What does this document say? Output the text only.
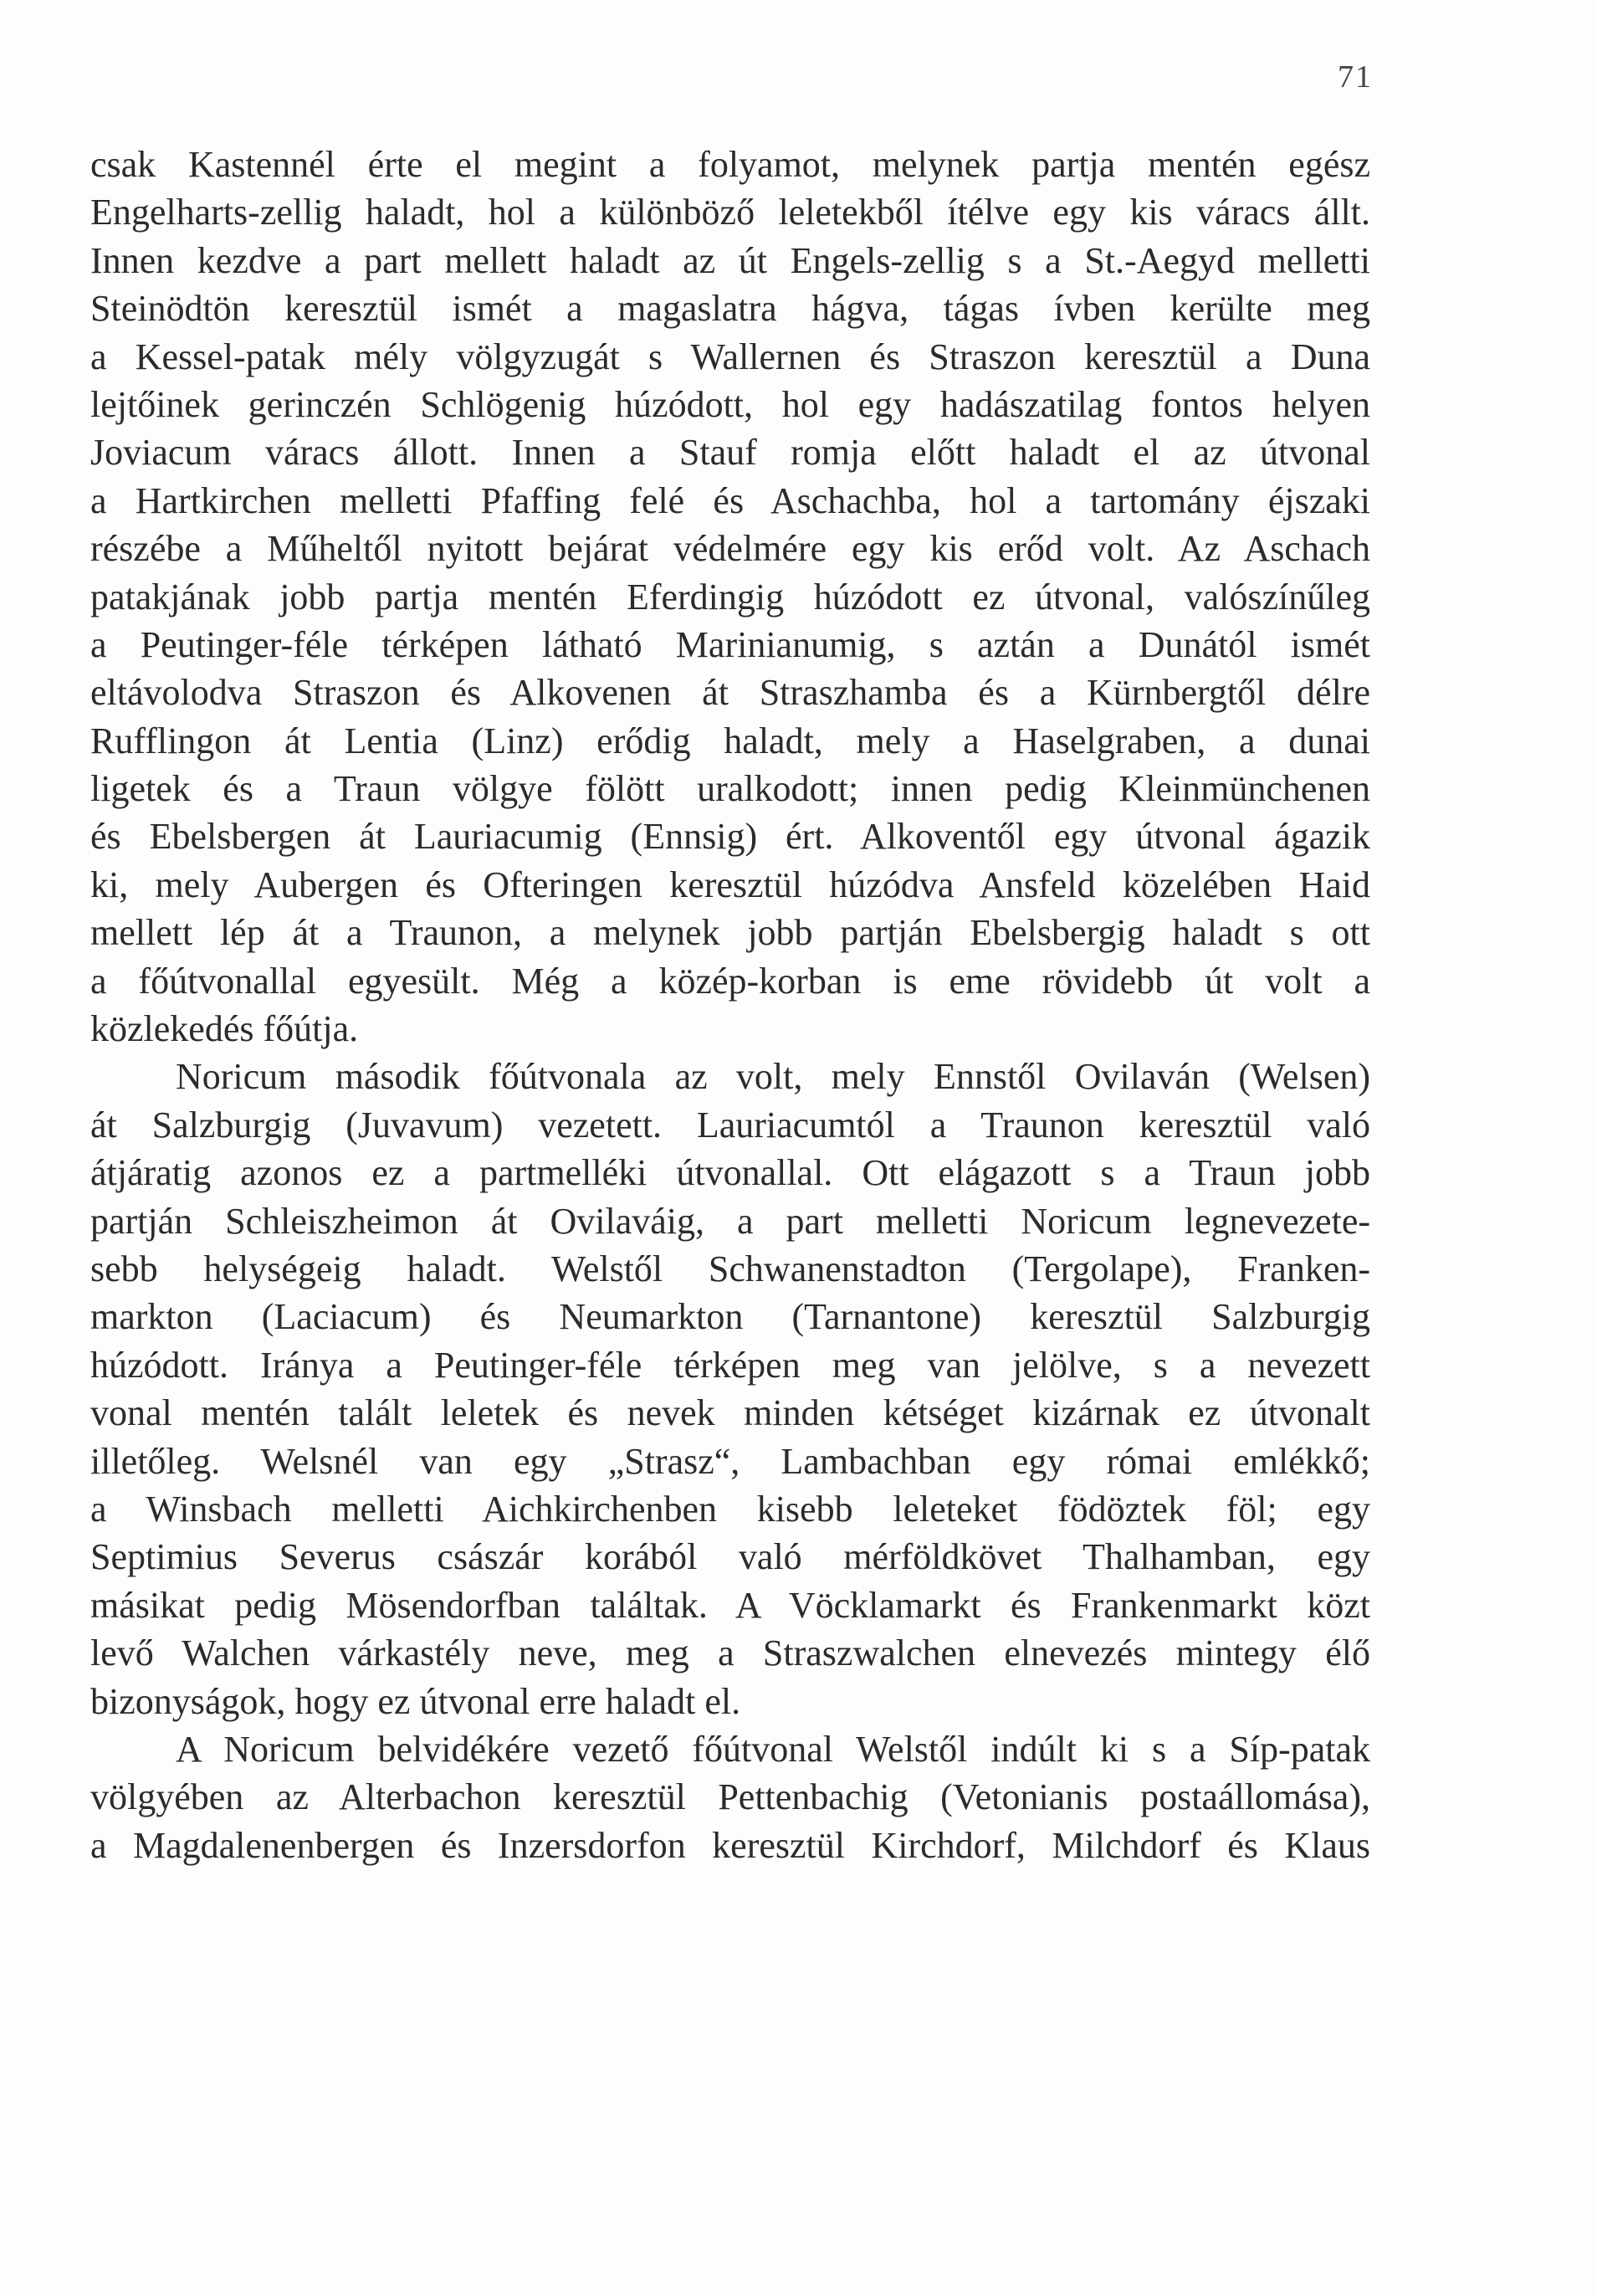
71

csak Kastennél érte el megint a folyamot, melynek partja mentén egész
Engelharts-zellig haladt, hol a különböző leletekből ítélve egy kis váracs állt.
Innen kezdve a part mellett haladt az út Engels-zellig s a St.-Aegyd melletti
Steinödtön keresztül ismét a magaslatra hágva, tágas ívben kerülte meg
a Kessel-patak mély völgyzugát s Wallernen és Straszon keresztül a Duna
lejtőinek gerinczén Schlögenig húzódott, hol egy hadászatilag fontos helyen
Joviacum váracs állott. Innen a Stauf romja előtt haladt el az útvonal
a Hartkirchen melletti Pfaffing felé és Aschachba, hol a tartomány éjszaki
részébe a Műheltől nyitott bejárat védelmére egy kis erőd volt. Az Aschach
patakjának jobb partja mentén Eferdingig húzódott ez útvonal, valószínűleg
a Peutinger-féle térképen látható Marinianumig, s aztán a Dunától ismét
eltávolodva Straszon és Alkovenen át Straszhamba és a Kürnbergtől délre
Rufflingon át Lentia (Linz) erődig haladt, mely a Haselgraben, a dunai
ligetek és a Traun völgye fölött uralkodott; innen pedig Kleinmünchenen
és Ebelsbergen át Lauriacumig (Ennsig) ért. Alkoventől egy útvonal ágazik
ki, mely Aubergen és Ofteringen keresztül húzódva Ansfeld közelében Haid
mellett lép át a Traunon, a melynek jobb partján Ebelsbergig haladt s ott
a főútvonallal egyesült. Még a közép-korban is eme rövidebb út volt a
közlekedés főútja.

Noricum második főútvonala az volt, mely Ennstől Ovilaván (Welsen)
át Salzburgig (Juvavum) vezetett. Lauriacumtól a Traunon keresztül való
átjáratig azonos ez a partmelléki útvonallal. Ott elágazott s a Traun jobb
partján Schleiszheimon át Ovilaváig, a part melletti Noricum legnevezete-
sebb helységeig haladt. Welstől Schwanenstadton (Tergolape), Franken-
markton (Laciacum) és Neumarkton (Tarnantone) keresztül Salzburgig
húzódott. Iránya a Peutinger-féle térképen meg van jelölve, s a nevezett
vonal mentén talált leletek és nevek minden kétséget kizárnak ez útvonalt
illetőleg. Welsnél van egy „Strasz“, Lambachban egy római emlékkő;
a Winsbach melletti Aichkirchenben kisebb leleteket födöztek föl; egy
Septimius Severus császár korából való mérföldkövet Thalhamban, egy
másikat pedig Mösendorfban találtak. A Vöcklamarkt és Frankenmarkt közt
levő Walchen várkastély neve, meg a Straszwalchen elnevezés mintegy élő
bizonyságok, hogy ez útvonal erre haladt el.

A Noricum belvidékére vezető főútvonal Welstől indúlt ki s a Síp-patak
völgyében az Alterbachon keresztül Pettenbachig (Vetonianis postaállomása),
a Magdalenenbergen és Inzersdorfon keresztül Kirchdorf, Milchdorf és Klaus
